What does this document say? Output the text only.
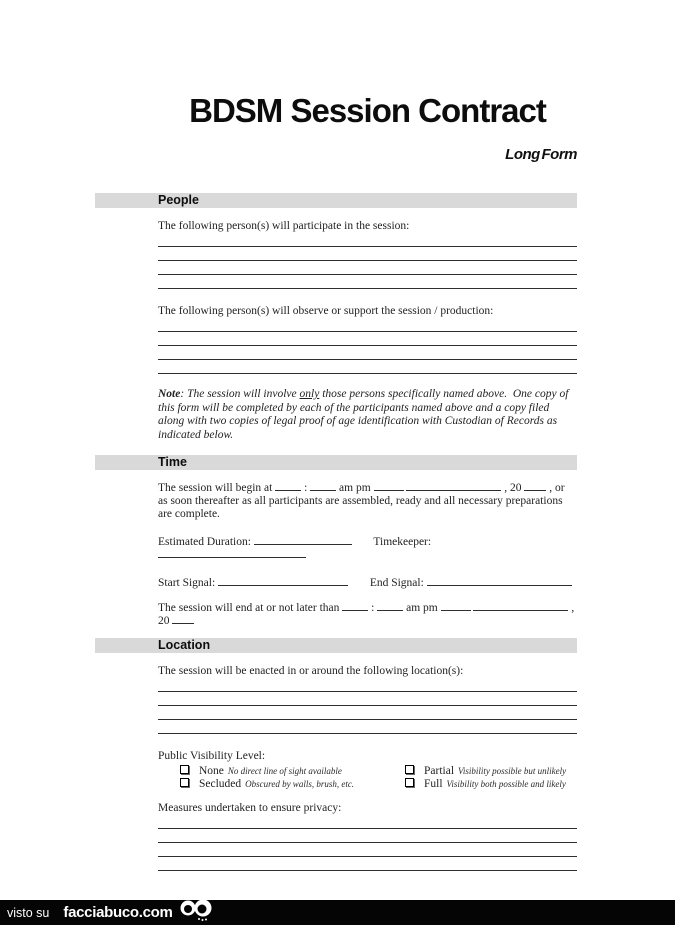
BDSM Session Contract
Long Form
People

The following person(s) will participate in the session:

The following person(s) will observe or support the session / production:

Note: The session will involve only those persons specifically named above.  One copy of this form will be completed by each of the participants named above and a copy filed along with two copies of legal proof of age identification with Custodian of Records as indicated below.

Time

The session will begin at	:	am pm	, 20 , or as soon thereafter as all participants are assembled, ready and all necessary preparations are complete.

Estimated Duration:	Timekeeper:

Start Signal:	End Signal:

The session will end at or not later than	:	am pm	, 20

Location

The session will be enacted in or around the following location(s):

Public Visibility Level:

None No direct line of sight available
Secluded Obscured by walls, brush, etc.
Partial Visibility possible but unlikely
Full Visibility both possible and likely

Measures undertaken to ensure privacy:

visto su facciabuco.com
